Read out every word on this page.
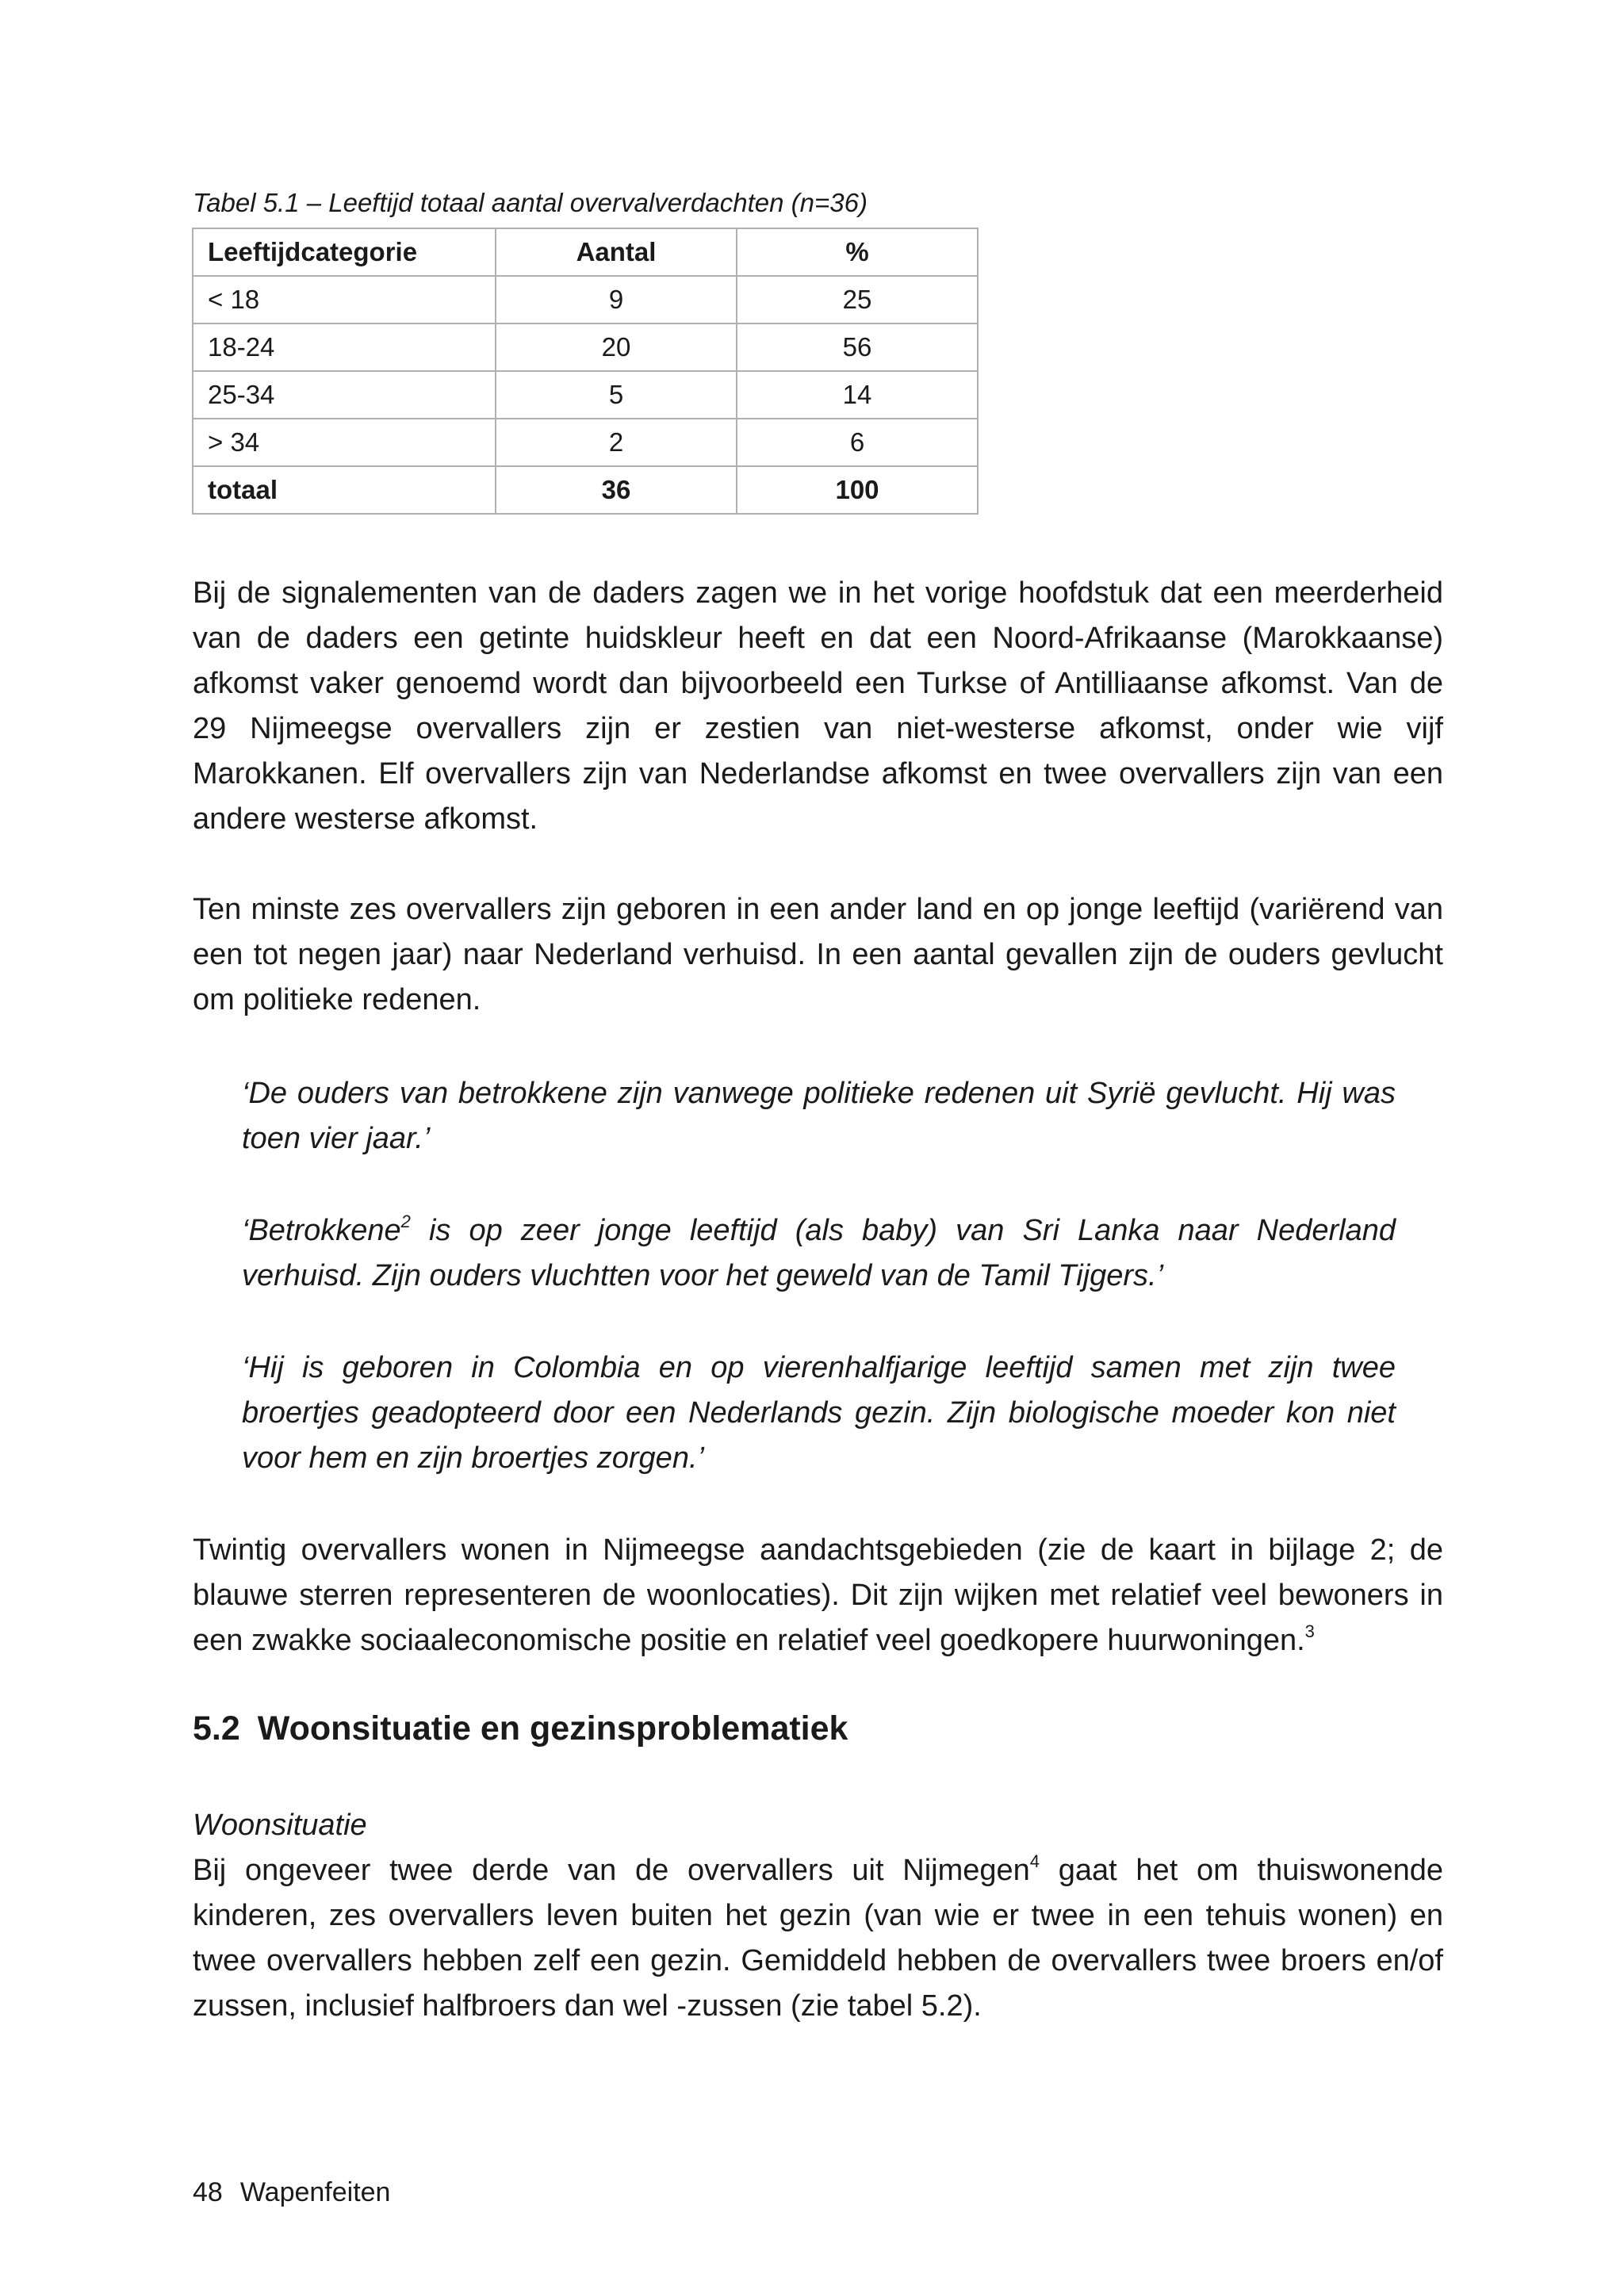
Tabel 5.1 – Leeftijd totaal aantal overvalverdachten (n=36)

Leeftijdcategorie	Aantal	%
< 18	9	25
18-24	20	56
25-34	5	14
> 34	2	6
totaal	36	100

Bij de signalementen van de daders zagen we in het vorige hoofdstuk dat een meerderheid van de daders een getinte huidskleur heeft en dat een Noord-Afrikaanse (Marokkaanse) afkomst vaker genoemd wordt dan bijvoorbeeld een Turkse of Antilliaanse afkomst. Van de 29 Nijmeegse overvallers zijn er zestien van niet-westerse afkomst, onder wie vijf Marokkanen. Elf overvallers zijn van Nederlandse afkomst en twee overvallers zijn van een andere westerse afkomst.

Ten minste zes overvallers zijn geboren in een ander land en op jonge leeftijd (variërend van een tot negen jaar) naar Nederland verhuisd. In een aantal gevallen zijn de ouders gevlucht om politieke redenen.

‘De ouders van betrokkene zijn vanwege politieke redenen uit Syrië gevlucht. Hij was toen vier jaar.’

‘Betrokkene$^2$ is op zeer jonge leeftijd (als baby) van Sri Lanka naar Nederland verhuisd. Zijn ouders vluchtten voor het geweld van de Tamil Tijgers.’

‘Hij is geboren in Colombia en op vierenhalfjarige leeftijd samen met zijn twee broertjes geadopteerd door een Nederlands gezin. Zijn biologische moeder kon niet voor hem en zijn broertjes zorgen.’

Twintig overvallers wonen in Nijmeegse aandachtsgebieden (zie de kaart in bijlage 2; de blauwe sterren representeren de woonlocaties). Dit zijn wijken met relatief veel bewoners in een zwakke sociaaleconomische positie en relatief veel goedkopere huurwoningen.$^3$

5.2 Woonsituatie en gezinsproblematiek

Woonsituatie

Bij ongeveer twee derde van de overvallers uit Nijmegen$^4$ gaat het om thuiswonende kinderen, zes overvallers leven buiten het gezin (van wie er twee in een tehuis wonen) en twee overvallers hebben zelf een gezin. Gemiddeld hebben de overvallers twee broers en/of zussen, inclusief halfbroers dan wel -zussen (zie tabel 5.2).

48 Wapenfeiten
